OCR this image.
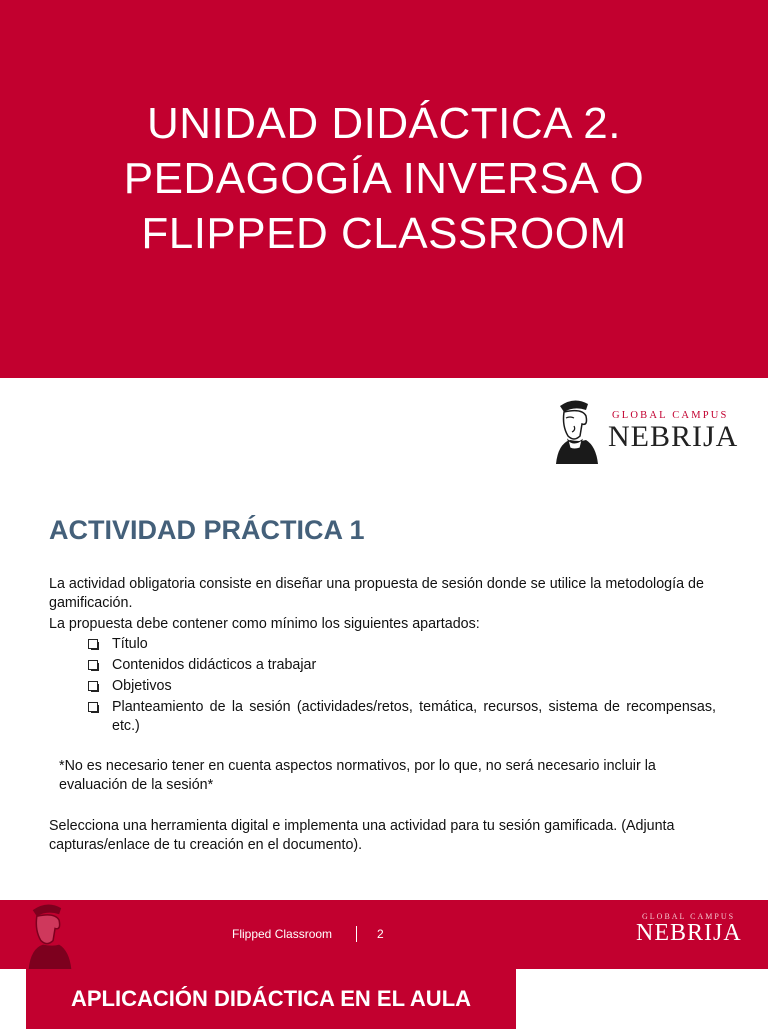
UNIDAD DIDÁCTICA 2.
PEDAGOGÍA INVERSA O
FLIPPED CLASSROOM
GLOBAL CAMPUS
NEBRIJA
ACTIVIDAD PRÁCTICA 1
La actividad obligatoria consiste en diseñar una propuesta de sesión donde se utilice la metodología de gamificación.
La propuesta debe contener como mínimo los siguientes apartados:
Título
Contenidos didácticos a trabajar
Objetivos
Planteamiento de la sesión (actividades/retos, temática, recursos, sistema de recompensas, etc.)
*No es necesario tener en cuenta aspectos normativos, por lo que, no será necesario incluir la evaluación de la sesión*
Selecciona una herramienta digital e implementa una actividad para tu sesión gamificada. (Adjunta capturas/enlace de tu creación en el documento).
Flipped Classroom	2
GLOBAL CAMPUS
NEBRIJA
APLICACIÓN DIDÁCTICA EN EL AULA
